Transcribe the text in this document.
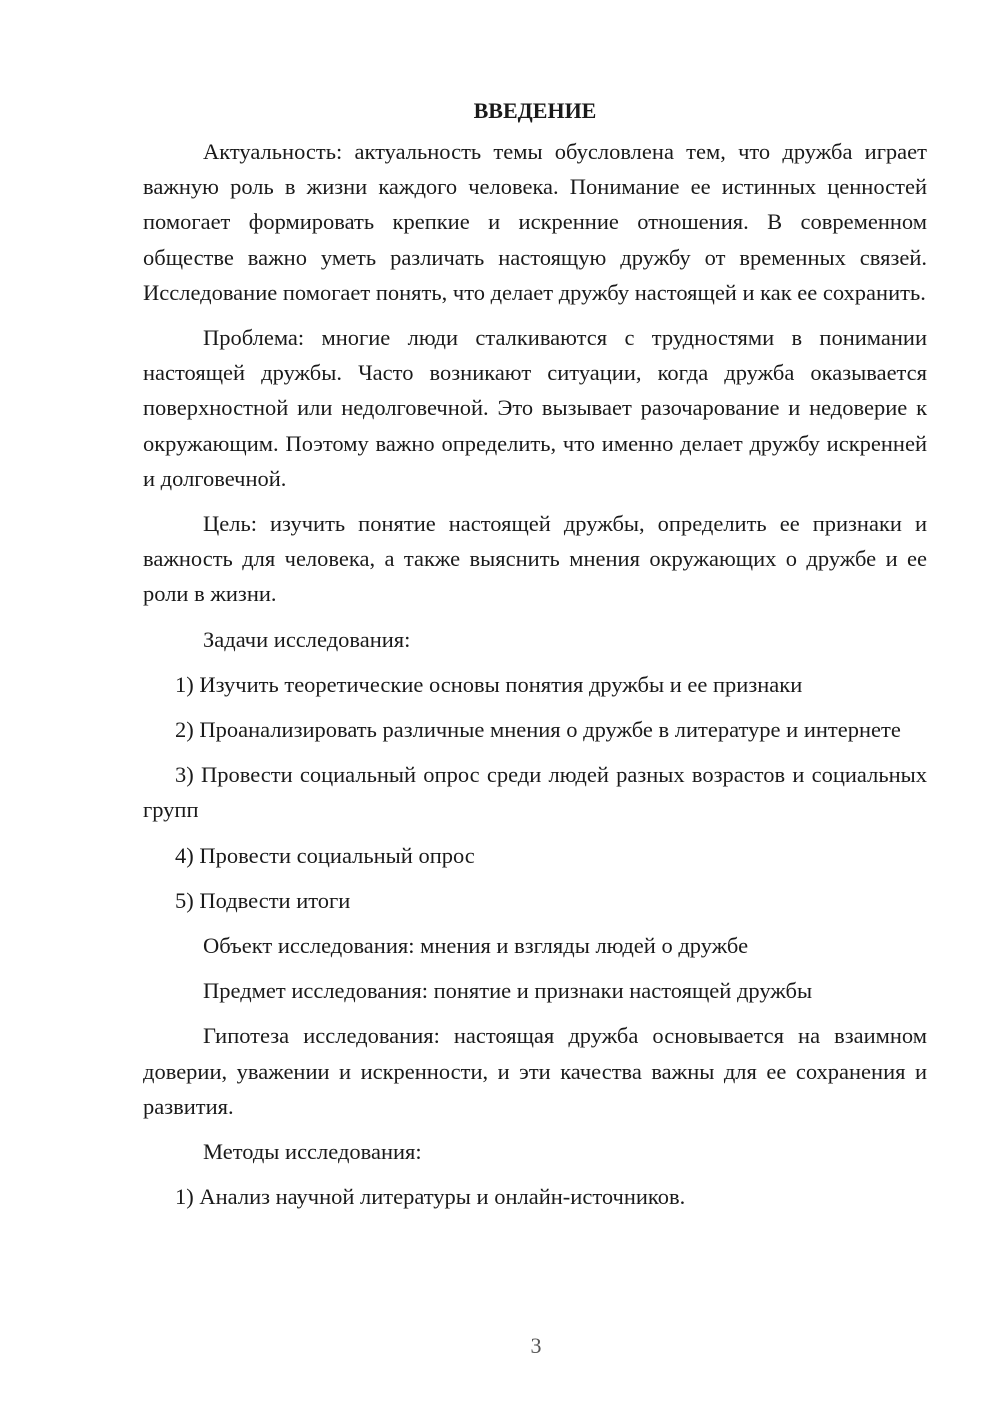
ВВЕДЕНИЕ
Актуальность: актуальность темы обусловлена тем, что дружба играет важную роль в жизни каждого человека. Понимание ее истинных ценностей помогает формировать крепкие и искренние отношения. В современном обществе важно уметь различать настоящую дружбу от временных связей. Исследование помогает понять, что делает дружбу настоящей и как ее сохранить.
Проблема: многие люди сталкиваются с трудностями в понимании настоящей дружбы. Часто возникают ситуации, когда дружба оказывается поверхностной или недолговечной. Это вызывает разочарование и недоверие к окружающим. Поэтому важно определить, что именно делает дружбу искренней и долговечной.
Цель: изучить понятие настоящей дружбы, определить ее признаки и важность для человека, а также выяснить мнения окружающих о дружбе и ее роли в жизни.
Задачи исследования:
1) Изучить теоретические основы понятия дружбы и ее признаки
2) Проанализировать различные мнения о дружбе в литературе и интернете
3) Провести социальный опрос среди людей разных возрастов и социальных групп
4) Провести социальный опрос
5) Подвести итоги
Объект исследования: мнения и взгляды людей о дружбе
Предмет исследования: понятие и признаки настоящей дружбы
Гипотеза исследования: настоящая дружба основывается на взаимном доверии, уважении и искренности, и эти качества важны для ее сохранения и развития.
Методы исследования:
1) Анализ научной литературы и онлайн-источников.
3
